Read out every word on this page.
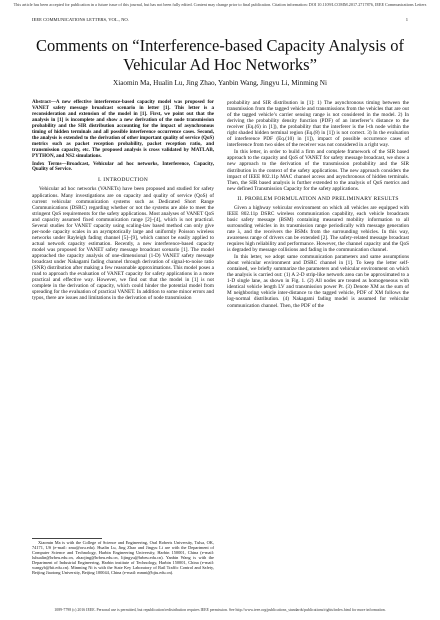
This article has been accepted for publication in a future issue of this journal, but has not been fully edited. Content may change prior to final publication. Citation information: DOI 10.1109/LCOMM.2017.2717876, IEEE Communications Letters
IEEE COMMUNICATIONS LETTERS, VOL., NO.	1
Comments on “Interference-based Capacity Analysis of Vehicular Ad Hoc Networks”
Xiaomin Ma, Hualin Lu, Jing Zhao, Yanbin Wang, Jingyu Li, Minming Ni

Abstract—A new effective interference-based capacity model was proposed for VANET safety message broadcast scenario in letter [1]. This letter is a reconsideration and extension of the model in [1]. First, we point out that the analysis in [1] is incomplete and show a new derivation of the node transmission probability and the SIR distribution accounting for the impact of asynchronous timing of hidden terminals and all possible interference occurrence cases. Second, the analysis is extended to the derivation of other important quality of service (QoS) metrics such as packet reception probability, packet reception ratio, and transmission capacity, etc. The proposed analysis is cross validated by MATLAB, PYTHON, and NS2 simulations.

Index Terms—Broadcast, Vehicular ad hoc networks, Interference, Capacity, Quality of Service.

I. INTRODUCTION

Vehicular ad hoc networks (VANETs) have been proposed and studied for safety applications. Many investigations are on capacity and quality of service (QoS) of current vehicular communication systems such as Dedicated Short Range Communications (DSRC) regarding whether or not the systems are able to meet the stringent QoS requirements for the safety applications. Most analyses of VANET QoS and capacity assumed fixed communication range [2]–[4], which is not practical. Several studies for VANET capacity using scaling-law based method can only give per-node capacity scales in an asymptotically large and uniformly Poisson wireless networks under Rayleigh fading channel [5]–[9], which cannot be easily applied to actual network capacity estimation. Recently, a new interference-based capacity model was proposed for VANET safety message broadcast scenario [1]. The model approached the capacity analysis of one-dimensional (1-D) VANET safety message broadcast under Nakagami fading channel through derivation of signal-to-noise ratio (SNR) distribution after making a few reasonable approximations. This model poses a road to approach the evaluation of VANET capacity for safety applications in a more practical and effective way. However, we find out that the model in [1] is not complete in the derivation of capacity, which could hinder the potential model from spreading for the evaluation of practical VANET. In addition to some minor errors and typos, there are issues and limitations in the derivation of node transmission

Xiaomin Ma is with the College of Science and Engineering, Oral Roberts University, Tulsa, OK, 74171, US (e-mail: xma@oru.edu). Hualin Lu, Jing Zhao and Jingyu Li are with the Department of Computer Science and Technology, Harbin Engineering University, Harbin 150001, China (e-mail: luhualin@hrbeu.edu.cn, zhaojing@hrbeu.edu.cn, lijingyu@hrbeu.edu.cn). Yanbin Wang is with the Department of Industrial Engineering, Harbin institute of Technology, Harbin 150001, China (e-mail: wangyb@hit.edu.cn). Minming Ni is with the State Key Laboratory of Rail Traffic Control and Safety, Beijing Jiaotong University, Beijing 100044, China (e-mail: mmni@bjtu.edu.cn).

probability and SIR distribution in [1]: 1) The asynchronous timing between the transmission from the tagged vehicle and transmissions from the vehicles that are out of the tagged vehicle’s carrier sensing range is not considered in the model. 2) In deriving the probability density function (PDF) of an interferer’s distance to the receiver (Eq.(6) in [1]), the probability that the interferer is the l-th node within the right shaded hidden terminal region (Eq.(8) in [1]) is not correct. 3) In the evaluation of interference PDF (Eq.(10) in [1]), impact of possible occurrence cases of interference from two sides of the receiver was not considered in a right way.

In this letter, in order to build a firm and complete framework of the SIR based approach to the capacity and QoS of VANET for safety message broadcast, we show a new approach to the derivation of the transmission probability and the SIR distribution in the context of the safety applications. The new approach considers the impact of IEEE 802.11p MAC channel access and asynchronous of hidden terminals. Then, the SIR based analysis is further extended to the analysis of QoS metrics and new defined Transmission Capacity for the safety applications.

II. PROBLEM FORMULATION AND PRELIMINARY RESULTS

Given a highway vehicular environment on which all vehicles are equipped with IEEE 802.11p DSRC wireless communication capability, each vehicle broadcasts basic safety message (BSM) containing measured mobility information to all surrounding vehicles in its transmission range periodically with message generation rate λ, and the receivers the BSMs from the surrounding vehicles. In this way, awareness range of drivers can be extended [2]. The safety-related message broadcast requires high reliability and performance. However, the channel capacity and the QoS is degraded by message collisions and fading in the communication channel.

In this letter, we adopt same communication parameters and same assumptions about vehicular environment and DSRC channel in [1]. To keep the letter self-contained, we briefly summarize the parameters and vehicular environment on which the analysis is carried out: (1) A 2-D strip-like network area can be approximated to a 1-D single lane, as shown in Fig. 1. (2) All nodes are treated as homogeneous with identical vehicle length LV and transmission power Pt. (3) Denote XM as the sum of M neighboring vehicle inter-distance to the tagged vehicle, PDF of XM follows the log-normal distribution. (4) Nakagami fading model is assumed for vehicular communication channel. Then, the PDF of the

1089-7798 (c) 2016 IEEE. Personal use is permitted, but republication/redistribution requires IEEE permission. See http://www.ieee.org/publications_standards/publications/rights/index.html for more information.
